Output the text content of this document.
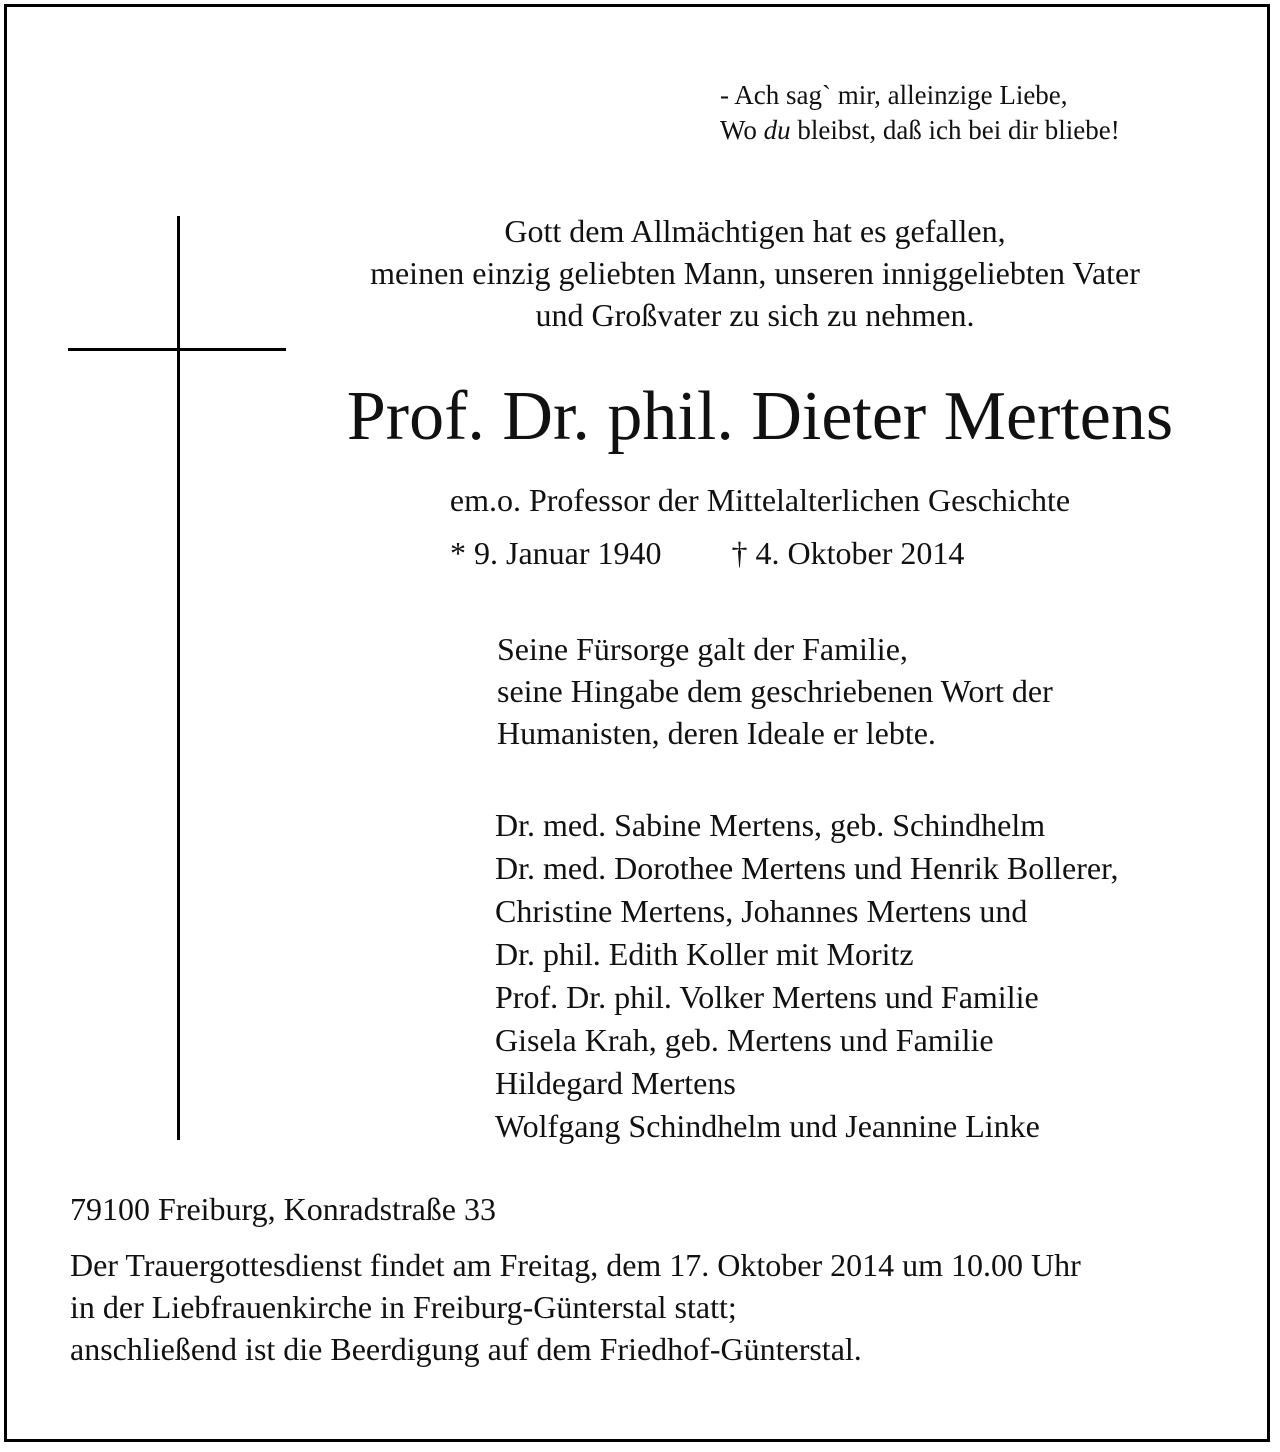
- Ach sag` mir, alleinzige Liebe,
Wo du bleibst, daß ich bei dir bliebe!
Gott dem Allmächtigen hat es gefallen,
meinen einzig geliebten Mann, unseren inniggeliebten Vater
und Großvater zu sich zu nehmen.
Prof. Dr. phil. Dieter Mertens
em.o. Professor der Mittelalterlichen Geschichte
* 9. Januar 1940 † 4. Oktober 2014
Seine Fürsorge galt der Familie,
seine Hingabe dem geschriebenen Wort der
Humanisten, deren Ideale er lebte.
Dr. med. Sabine Mertens, geb. Schindhelm
Dr. med. Dorothee Mertens und Henrik Bollerer,
Christine Mertens, Johannes Mertens und
Dr. phil. Edith Koller mit Moritz
Prof. Dr. phil. Volker Mertens und Familie
Gisela Krah, geb. Mertens und Familie
Hildegard Mertens
Wolfgang Schindhelm und Jeannine Linke
79100 Freiburg, Konradstraße 33
Der Trauergottesdienst findet am Freitag, dem 17. Oktober 2014 um 10.00 Uhr
in der Liebfrauenkirche in Freiburg-Günterstal statt;
anschließend ist die Beerdigung auf dem Friedhof-Günterstal.
